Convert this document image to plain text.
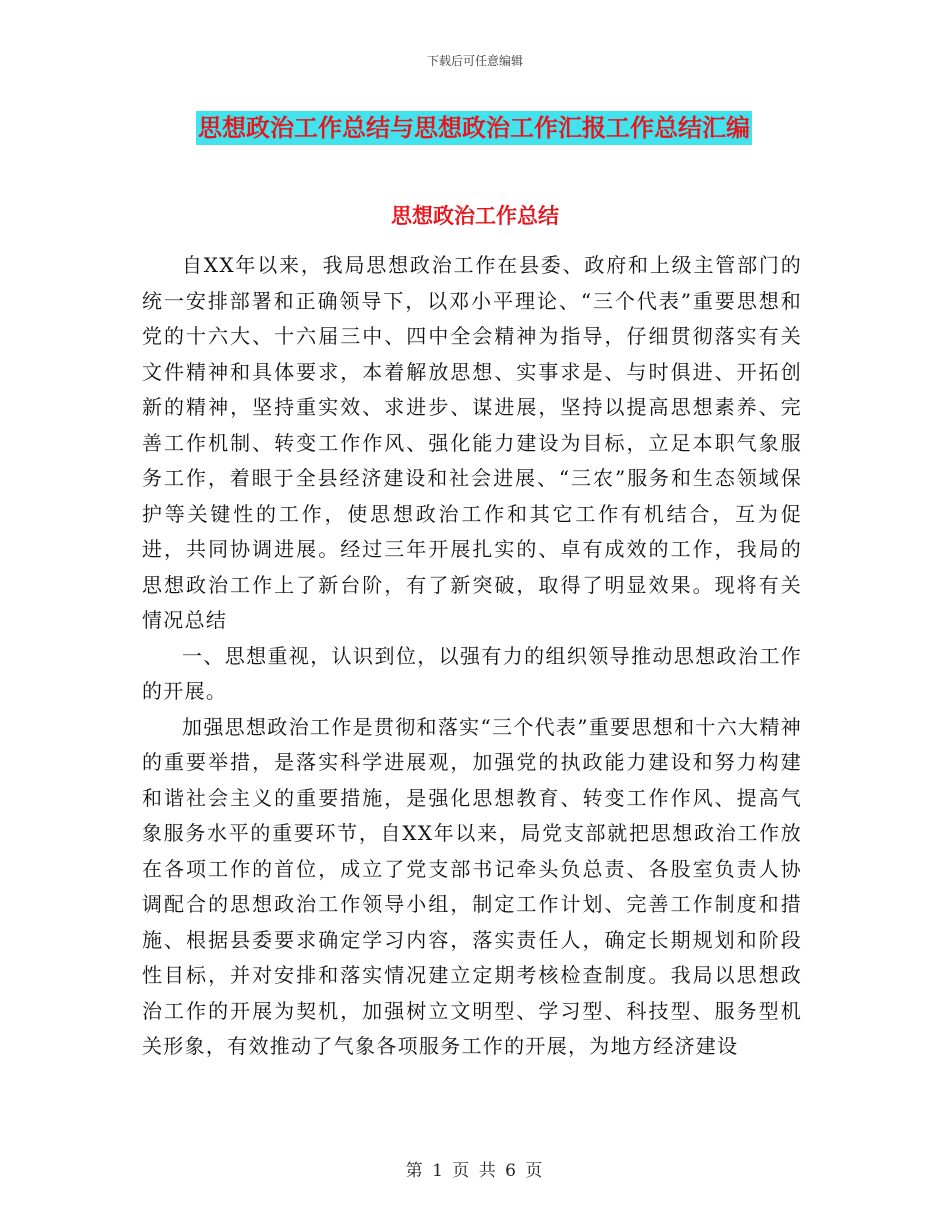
下载后可任意编辑
思想政治工作总结与思想政治工作汇报工作总结汇编
思想政治工作总结

自XX年以来，我局思想政治工作在县委、政府和上级主管部门的统一安排部署和正确领导下，以邓小平理论、“三个代表”重要思想和党的十六大、十六届三中、四中全会精神为指导，仔细贯彻落实有关文件精神和具体要求，本着解放思想、实事求是、与时俱进、开拓创新的精神，坚持重实效、求进步、谋进展，坚持以提高思想素养、完善工作机制、转变工作作风、强化能力建设为目标，立足本职气象服务工作，着眼于全县经济建设和社会进展、“三农”服务和生态领域保护等关键性的工作，使思想政治工作和其它工作有机结合，互为促进，共同协调进展。经过三年开展扎实的、卓有成效的工作，我局的思想政治工作上了新台阶，有了新突破，取得了明显效果。现将有关情况总结

一、思想重视，认识到位，以强有力的组织领导推动思想政治工作的开展。

加强思想政治工作是贯彻和落实“三个代表”重要思想和十六大精神的重要举措，是落实科学进展观，加强党的执政能力建设和努力构建和谐社会主义的重要措施，是强化思想教育、转变工作作风、提高气象服务水平的重要环节，自XX年以来，局党支部就把思想政治工作放在各项工作的首位，成立了党支部书记牵头负总责、各股室负责人协调配合的思想政治工作领导小组，制定工作计划、完善工作制度和措施、根据县委要求确定学习内容，落实责任人，确定长期规划和阶段性目标，并对安排和落实情况建立定期考核检查制度。我局以思想政治工作的开展为契机，加强树立文明型、学习型、科技型、服务型机关形象，有效推动了气象各项服务工作的开展，为地方经济建设

第 1 页 共 6 页
